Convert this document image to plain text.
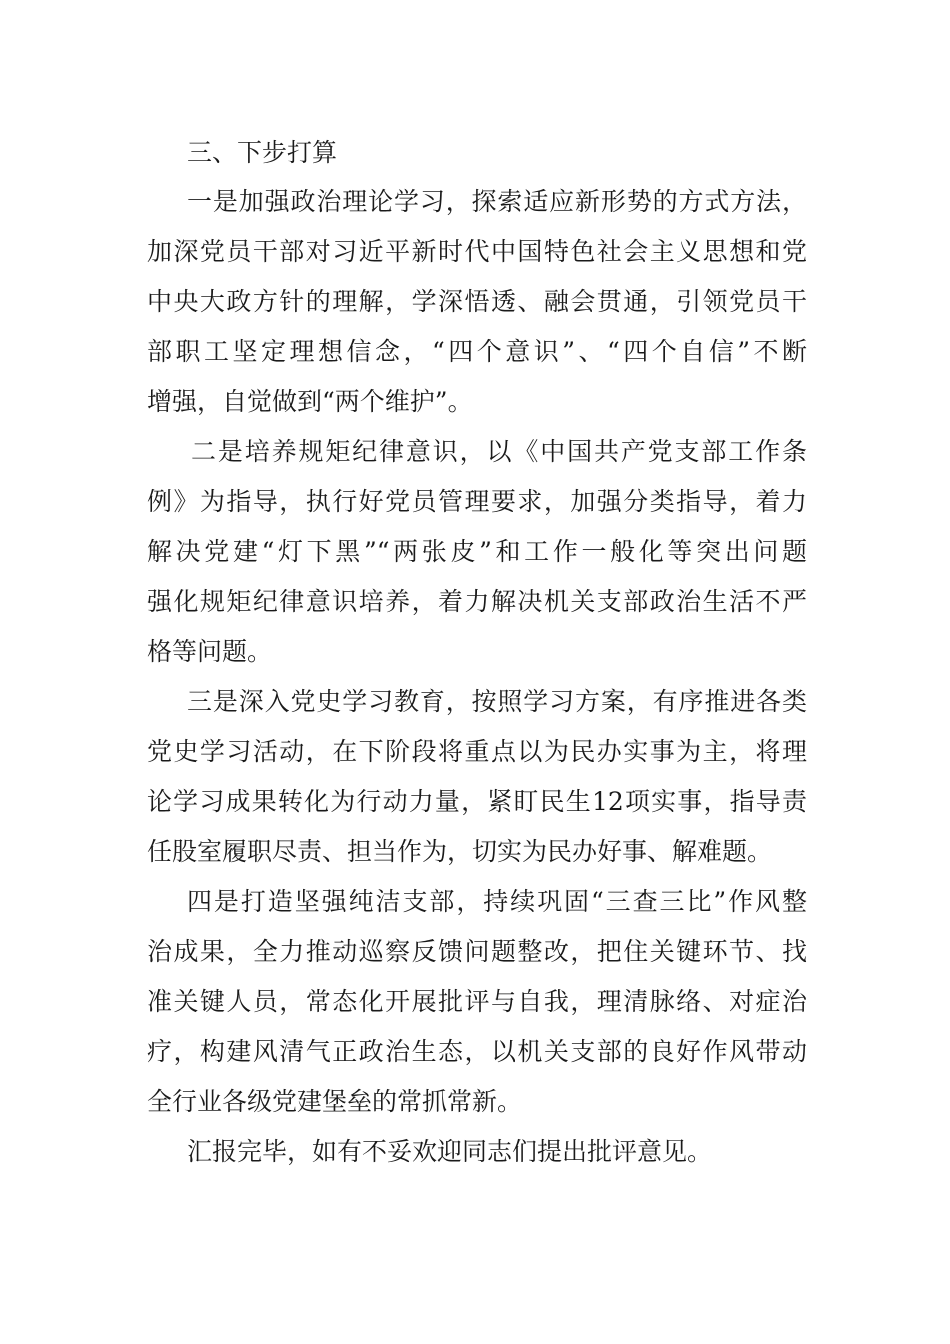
三、下步打算
一是加强政治理论学习，探索适应新形势的方式方法，
加深党员干部对习近平新时代中国特色社会主义思想和党
中央大政方针的理解，学深悟透、融会贯通，引领党员干
部职工坚定理想信念，“四个意识”、“四个自信”不断
增强，自觉做到“两个维护”。
二是培养规矩纪律意识，以《中国共产党支部工作条
例》为指导，执行好党员管理要求，加强分类指导，着力
解决党建“灯下黑”“两张皮”和工作一般化等突出问题
强化规矩纪律意识培养，着力解决机关支部政治生活不严
格等问题。
三是深入党史学习教育，按照学习方案，有序推进各类
党史学习活动，在下阶段将重点以为民办实事为主，将理
论学习成果转化为行动力量，紧盯民生12项实事，指导责
任股室履职尽责、担当作为，切实为民办好事、解难题。
四是打造坚强纯洁支部，持续巩固“三查三比”作风整
治成果，全力推动巡察反馈问题整改，把住关键环节、找
准关键人员，常态化开展批评与自我，理清脉络、对症治
疗，构建风清气正政治生态，以机关支部的良好作风带动
全行业各级党建堡垒的常抓常新。
汇报完毕，如有不妥欢迎同志们提出批评意见。
